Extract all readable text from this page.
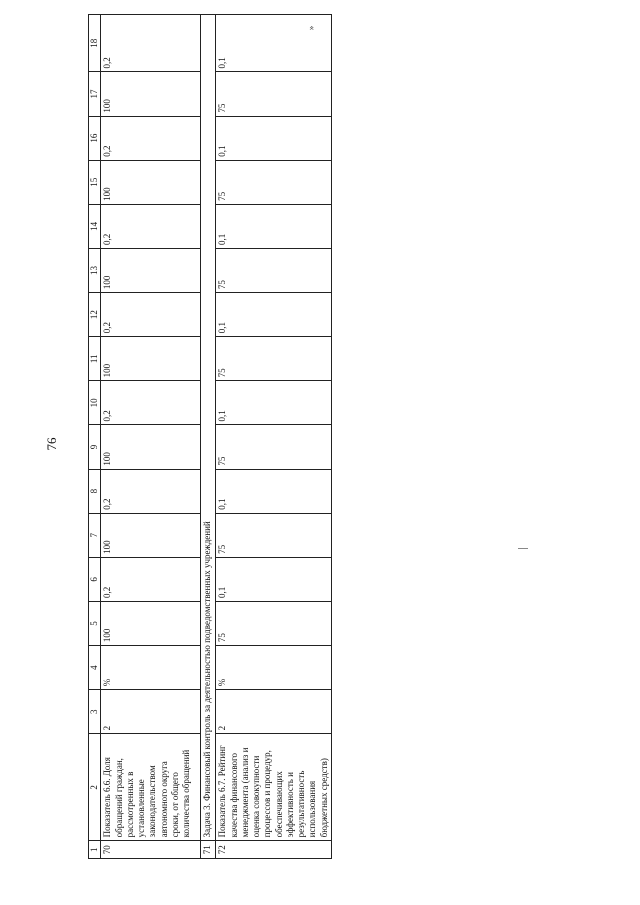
76
»
1	2	3	4	5	6	7	8	9	10	11	12	13	14	15	16	17	18
70	Показатель 6.6. Доля обращений граждан, рассмотренных в установленные законодательством автономного округа сроки, от общего количества обращений	2	%	100	0,2	100	0,2	100	0,2	100	0,2	100	0,2	100	0,2	100	0,2
71	Задача 3. Финансовый контроль за деятельностью подведомственных учреждений																
72	Показатель 6.7. Рейтинг качества финансового менеджмента (анализ и оценка совокупности процессов и процедур, обеспечивающих эффективность и результативность использования бюджетных средств)	2	%	75	0,1	75	0,1	75	0,1	75	0,1	75	0,1	75	0,1	75	0,1
